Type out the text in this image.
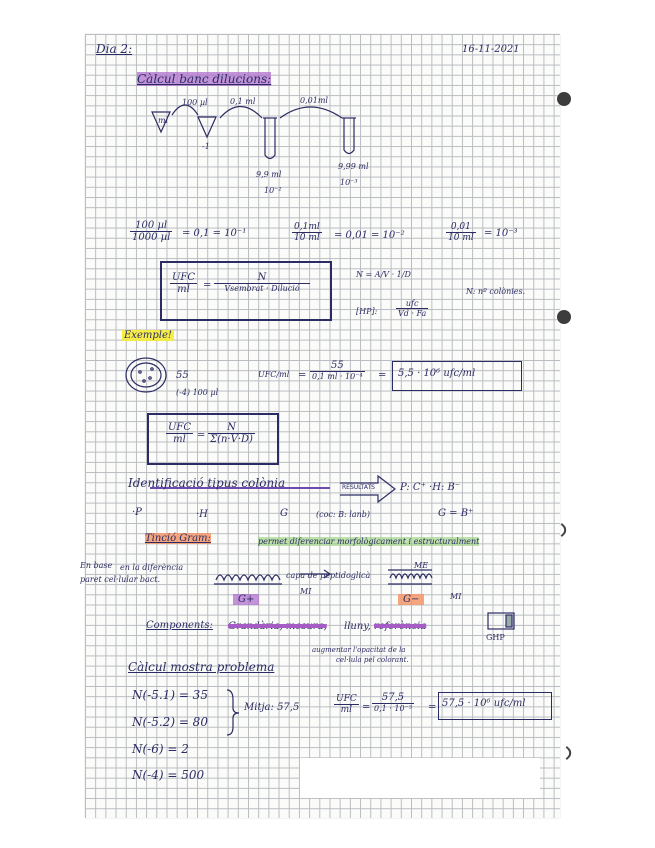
Dia 2:	16-11-2021
Càlcul banc dilucions:
100 µl	0,1 ml	0,01ml
ml
-1
9,9 ml
10⁻²
9,99 ml
10⁻³
100 µl
1000 µl = 0,1 = 10⁻¹	$\frac{0,1ml}{10 ml} = 0,01 = 10^{-2}$	$\frac{0,01}{10 ml} = 10^{-3}$
UFC
ml	=
N
Vsembrat · Dilució
N = A/V · 1/D
N: nº colònies.
[HP]:
ufc
Vd · Fa
Exemple!
55
(-4) 100 µl
UFC/ml =
55
0,1 ml · 10⁻⁴ = 5,5 · 10⁶ ufc/ml
UFC
ml	= $\frac{N}{\Sigma(n\cdot V\cdot D)}$
Identificació tipus colònia	RESULTATS	P: C⁺ ·H: B⁻
·P	·H	G	(coc: B: lanb)	G = B⁺
Tinció Gram:	permet diferenciar morfològicament i estructuralment
En base en la diferència
paret cel·lular bact.	capa de peptidoglicà
G+
MI
G−
ME
MI
Components: Grandària, mesura, lluny, referència
augmentar l'opacitat de la
cel·lula pel colorant.
GHP
Càlcul mostra problema
N(-5.1) = 35
N(-5.2) = 80
N(-6) = 2
N(-4) = 500
Mitja: 57,5
UFC
ml =
57,5
0,1 · 10⁻⁵ = 57,5 · 10⁶ ufc/ml
